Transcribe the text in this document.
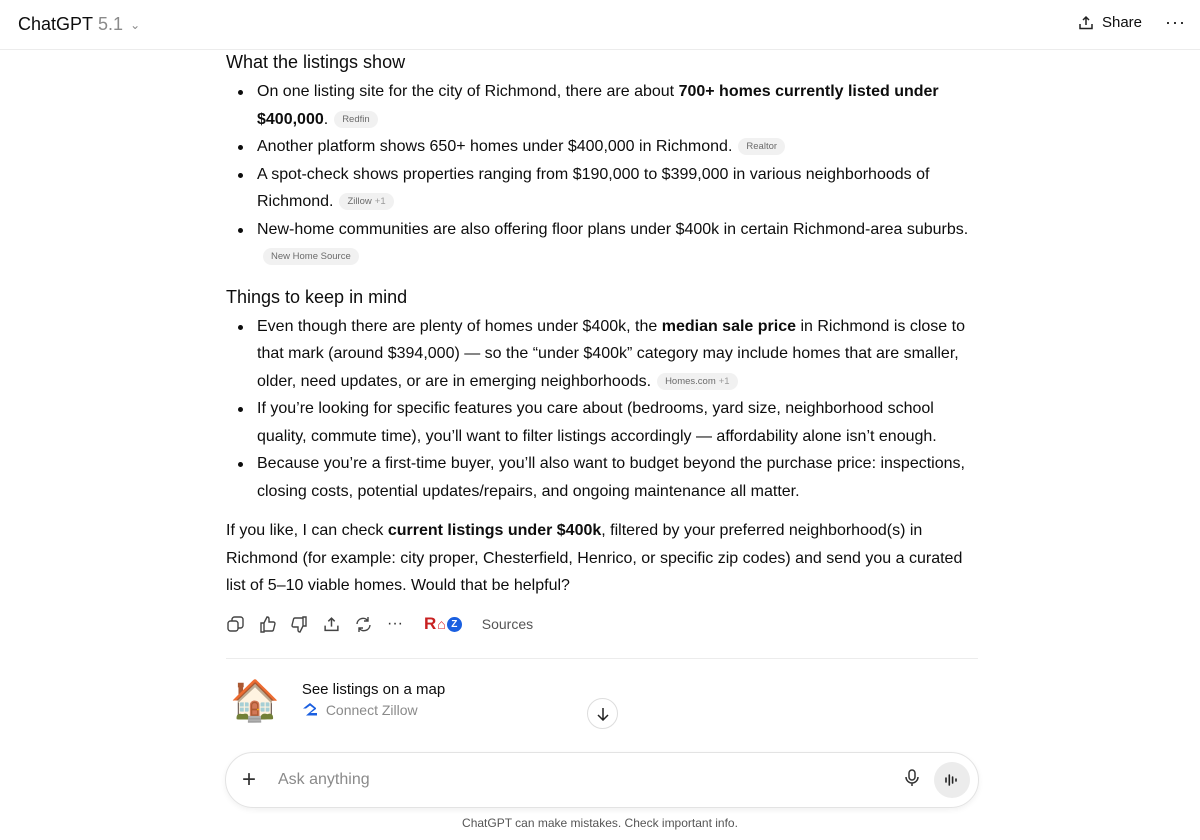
ChatGPT 5.1 ⌄	Share ···
What the listings show
On one listing site for the city of Richmond, there are about 700+ homes currently listed under $400,000. Redfin
Another platform shows 650+ homes under $400,000 in Richmond. Realtor
A spot-check shows properties ranging from $190,000 to $399,000 in various neighborhoods of Richmond. Zillow +1
New-home communities are also offering floor plans under $400k in certain Richmond-area suburbs.New Home Source
Things to keep in mind
Even though there are plenty of homes under $400k, the median sale price in Richmond is close to that mark (around $394,000) — so the “under $400k” category may include homes that are smaller, older, need updates, or are in emerging neighborhoods. Homes.com +1
If you’re looking for specific features you care about (bedrooms, yard size, neighborhood school quality, commute time), you’ll want to filter listings accordingly — affordability alone isn’t enough.
Because you’re a first-time buyer, you’ll also want to budget beyond the purchase price: inspections, closing costs, potential updates/repairs, and ongoing maintenance all matter.

If you like, I can check current listings under $400k, filtered by your preferred neighborhood(s) in Richmond (for example: city proper, Chesterfield, Henrico, or specific zip codes) and send you a curated list of 5–10 viable homes. Would that be helpful?

··· R ⌂ Z	Sources
🏠 See listings on a map
Connect Zillow
+
Ask anything
ChatGPT can make mistakes. Check important info.
